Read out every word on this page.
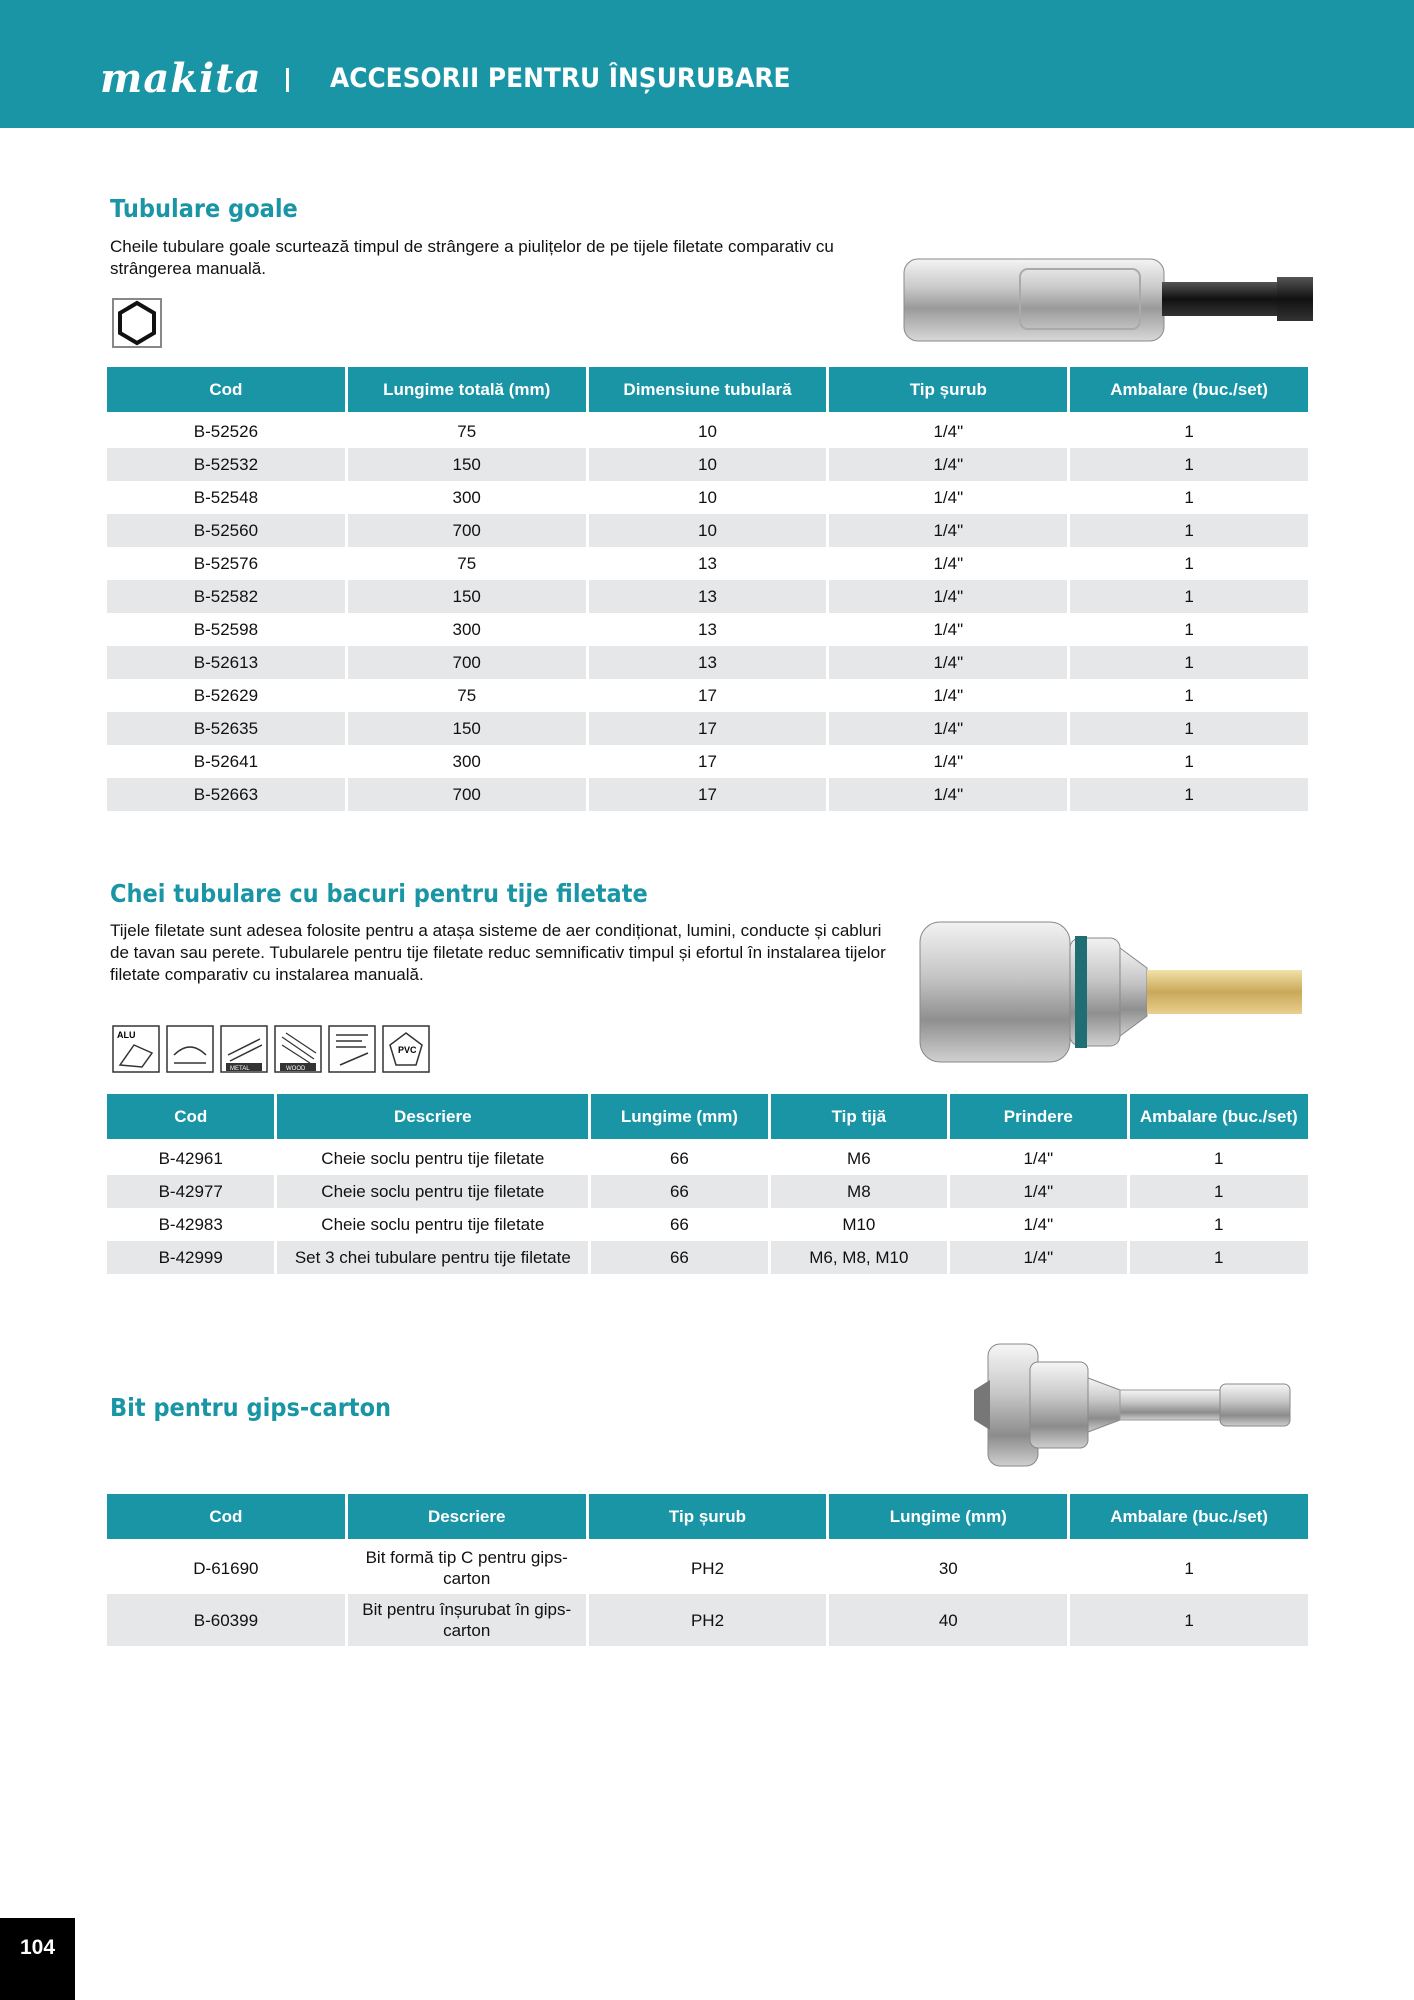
makita	ACCESORII PENTRU ÎNȘURUBARE
Tubulare goale
Cheile tubulare goale scurtează timpul de strângere a piulițelor de pe tijele filetate comparativ cu strângerea manuală.
Cod	Lungime totală (mm)	Dimensiune tubulară	Tip șurub	Ambalare (buc./set)
B-52526	75	10	1/4"	1
B-52532	150	10	1/4"	1
B-52548	300	10	1/4"	1
B-52560	700	10	1/4"	1
B-52576	75	13	1/4"	1
B-52582	150	13	1/4"	1
B-52598	300	13	1/4"	1
B-52613	700	13	1/4"	1
B-52629	75	17	1/4"	1
B-52635	150	17	1/4"	1
B-52641	300	17	1/4"	1
B-52663	700	17	1/4"	1
Chei tubulare cu bacuri pentru tije filetate
Tijele filetate sunt adesea folosite pentru a atașa sisteme de aer condiționat, lumini, conducte și cabluri de tavan sau perete. Tubularele pentru tije filetate reduc semnificativ timpul și efortul în instalarea tijelor filetate comparativ cu instalarea manuală.
ALU
METAL	WOOD
PVC
Cod	Descriere	Lungime (mm)	Tip tijă	Prindere	Ambalare (buc./set)
B-42961	Cheie soclu pentru tije filetate	66	M6	1/4"	1
B-42977	Cheie soclu pentru tije filetate	66	M8	1/4"	1
B-42983	Cheie soclu pentru tije filetate	66	M10	1/4"	1
B-42999	Set 3 chei tubulare pentru tije filetate	66	M6, M8, M10	1/4"	1
Bit pentru gips-carton
Cod	Descriere	Tip șurub	Lungime (mm)	Ambalare (buc./set)
D-61690	Bit formă tip C pentru gips-carton	PH2	30	1
B-60399	Bit pentru înșurubat în gips-carton	PH2	40	1
104
